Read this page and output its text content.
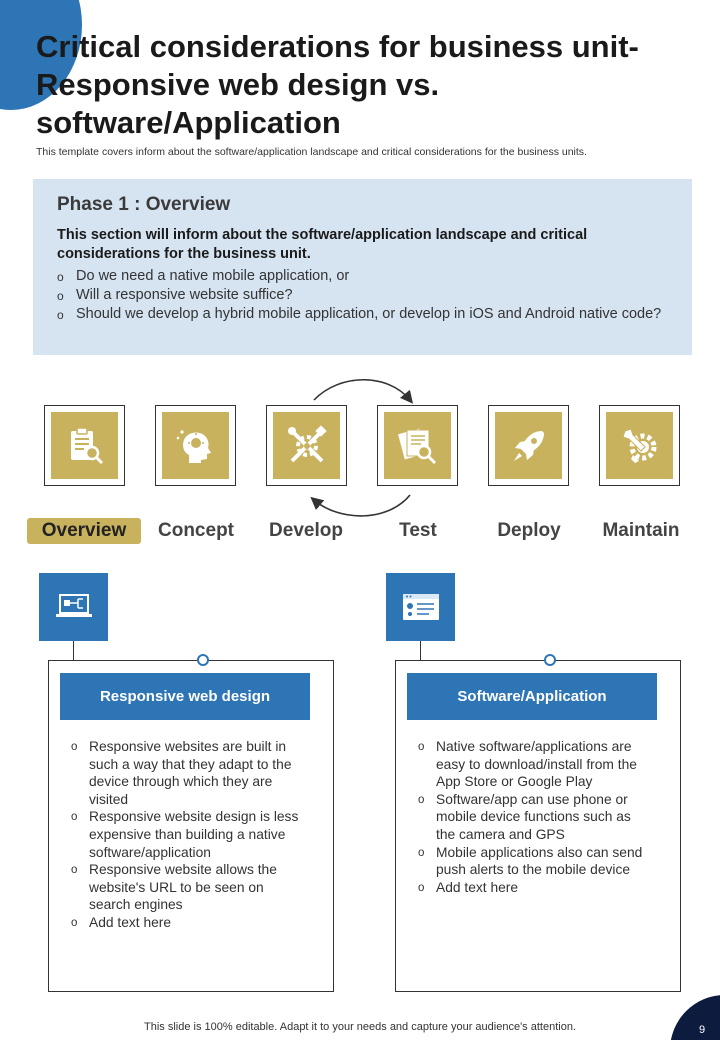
Critical considerations for business unit- Responsive web design vs. software/Application

This template covers inform about the software/application landscape and critical considerations for the business units.

Phase 1 : Overview
This section will inform about the software/application landscape and critical considerations for the business unit.
o Do we need a native mobile application, or
o Will a responsive website suffice?
o Should we develop a hybrid mobile application, or develop in iOS and Android native code?
Overview	Concept	Develop	Test	Deploy	Maintain
Responsive web design
o Responsive websites are built in such a way that they adapt to the device through which they are visited
o Responsive website design is less expensive than building a native software/application
o Responsive website allows the website's URL to be seen on search engines
o Add text here
Software/Application
o Native software/applications are easy to download/install from the App Store or Google Play
o Software/app can use phone or mobile device functions such as the camera and GPS
o Mobile applications also can send push alerts to the mobile device
o Add text here
This slide is 100% editable. Adapt it to your needs and capture your audience's attention.	9
